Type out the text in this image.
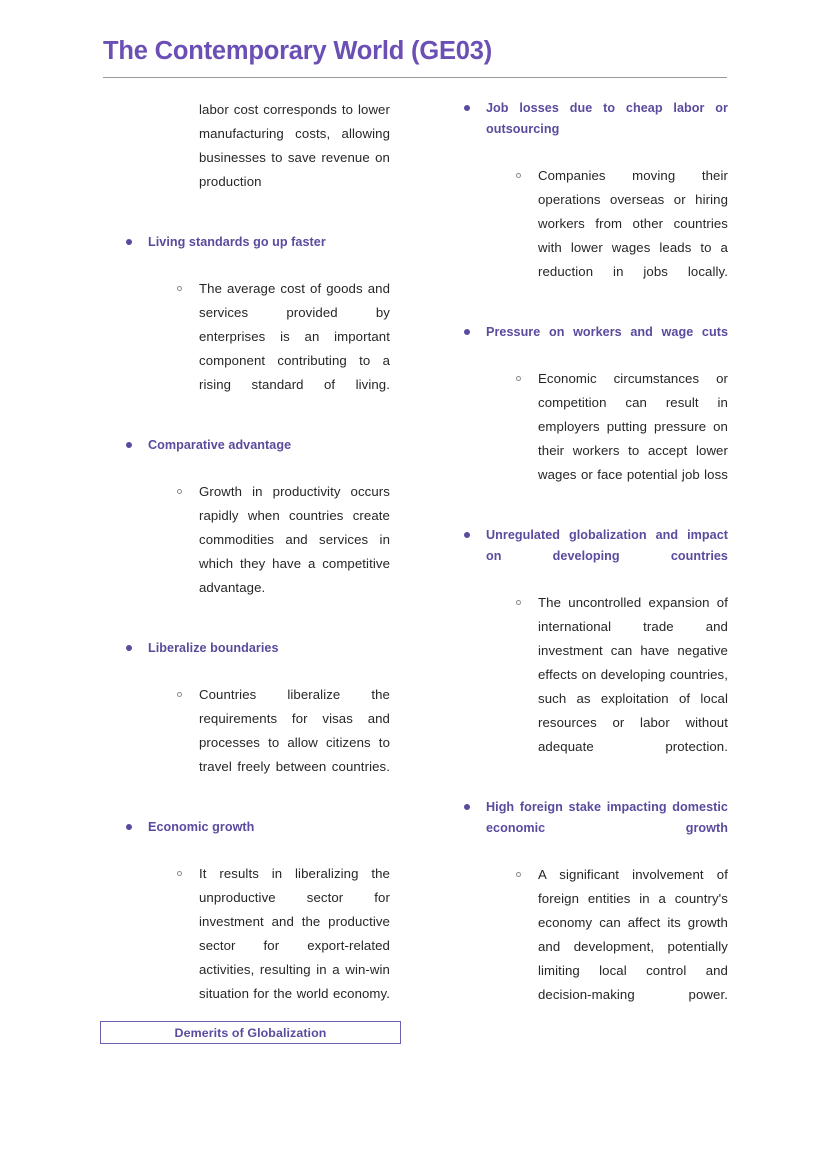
The Contemporary World (GE03)

labor cost corresponds to lower manufacturing costs, allowing businesses to save revenue on production

Living standards go up faster
The average cost of goods and services provided by enterprises is an important component contributing to a rising standard of living.
Comparative advantage
Growth in productivity occurs rapidly when countries create commodities and services in which they have a competitive advantage.
Liberalize boundaries
Countries liberalize the requirements for visas and processes to allow citizens to travel freely between countries.
Economic growth
It results in liberalizing the unproductive sector for investment and the productive sector for export-related activities, resulting in a win-win situation for the world economy.
Job losses due to cheap labor or outsourcing
Companies moving their operations overseas or hiring workers from other countries with lower wages leads to a reduction in jobs locally.
Pressure on workers and wage cuts
Economic circumstances or competition can result in employers putting pressure on their workers to accept lower wages or face potential job loss
Unregulated globalization and impact on developing countries
The uncontrolled expansion of international trade and investment can have negative effects on developing countries, such as exploitation of local resources or labor without adequate protection.
High foreign stake impacting domestic economic growth
A significant involvement of foreign entities in a country's economy can affect its growth and development, potentially limiting local control and decision-making power.
Demerits of Globalization
